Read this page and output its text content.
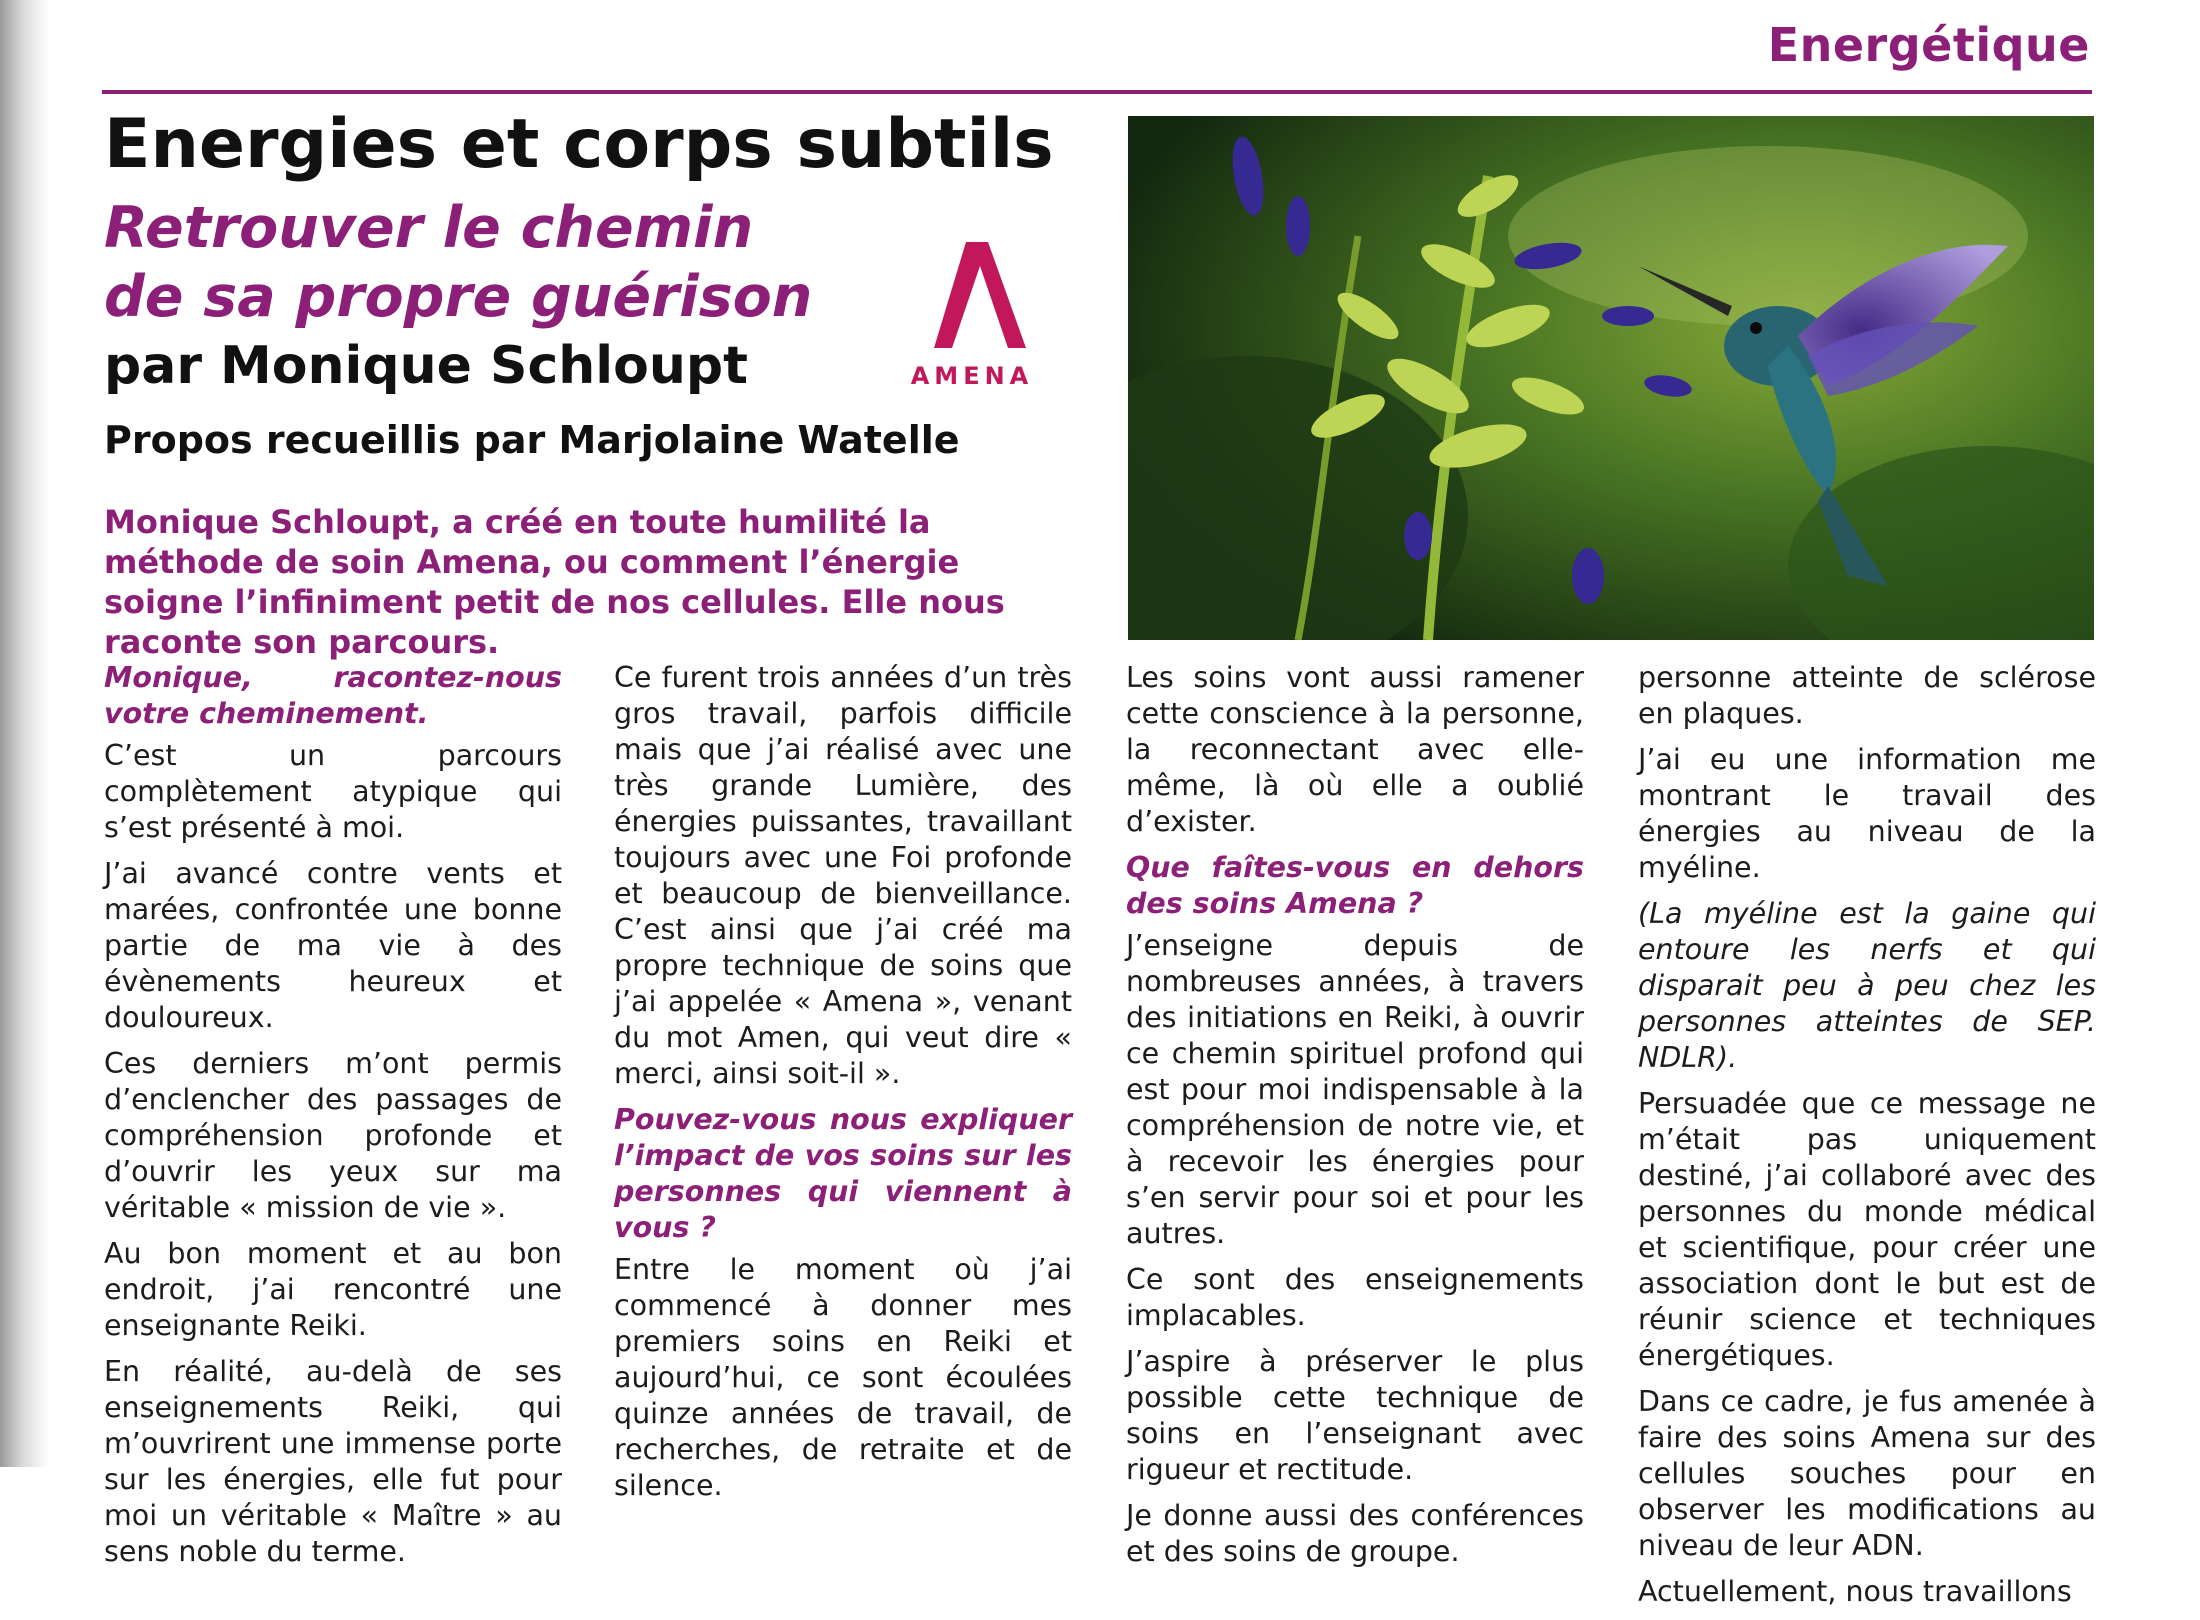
Energétique
Energies et corps subtils
Retrouver le chemin
de sa propre guérison
par Monique Schloupt
Propos recueillis par Marjolaine Watelle
AMENA

Monique Schloupt, a créé en toute humilité la méthode de soin Amena, ou comment l’énergie soigne l’infiniment petit de nos cellules. Elle nous raconte son parcours.

Monique, racontez-nous votre cheminement.

C’est un parcours complètement atypique qui s’est présenté à moi.

J’ai avancé contre vents et marées, confrontée une bonne partie de ma vie à des évènements heureux et douloureux.

Ces derniers m’ont permis d’enclencher des passages de compréhension profonde et d’ouvrir les yeux sur ma véritable « mission de vie ».

Au bon moment et au bon endroit, j’ai rencontré une enseignante Reiki.

En réalité, au-delà de ses enseignements Reiki, qui m’ouvrirent une immense porte sur les énergies, elle fut pour moi un véritable « Maître » au sens noble du terme.

Ce furent trois années d’un très gros travail, parfois difficile mais que j’ai réalisé avec une très grande Lumière, des énergies puissantes, travaillant toujours avec une Foi profonde et beaucoup de bienveillance. C’est ainsi que j’ai créé ma propre technique de soins que j’ai appelée « Amena », venant du mot Amen, qui veut dire « merci, ainsi soit-il ».

Pouvez-vous nous expliquer l’impact de vos soins sur les personnes qui viennent à vous ?

Entre le moment où j’ai commencé à donner mes premiers soins en Reiki et aujourd’hui, ce sont écoulées quinze années de travail, de recherches, de retraite et de silence.

Les soins vont aussi ramener cette conscience à la personne, la reconnectant avec elle-même, là où elle a oublié d’exister.

Que faîtes-vous en dehors des soins Amena ?

J’enseigne depuis de nombreuses années, à travers des initiations en Reiki, à ouvrir ce chemin spirituel profond qui est pour moi indispensable à la compréhension de notre vie, et à recevoir les énergies pour s’en servir pour soi et pour les autres.

Ce sont des enseignements implacables.

J’aspire à préserver le plus possible cette technique de soins en l’enseignant avec rigueur et rectitude.

Je donne aussi des conférences et des soins de groupe.

personne atteinte de sclérose en plaques.

J’ai eu une information me montrant le travail des énergies au niveau de la myéline.

(La myéline est la gaine qui entoure les nerfs et qui disparait peu à peu chez les personnes atteintes de SEP. NDLR).

Persuadée que ce message ne m’était pas uniquement destiné, j’ai collaboré avec des personnes du monde médical et scientifique, pour créer une association dont le but est de réunir science et techniques énergétiques.

Dans ce cadre, je fus amenée à faire des soins Amena sur des cellules souches pour en observer les modifications au niveau de leur ADN.

Actuellement, nous travaillons
